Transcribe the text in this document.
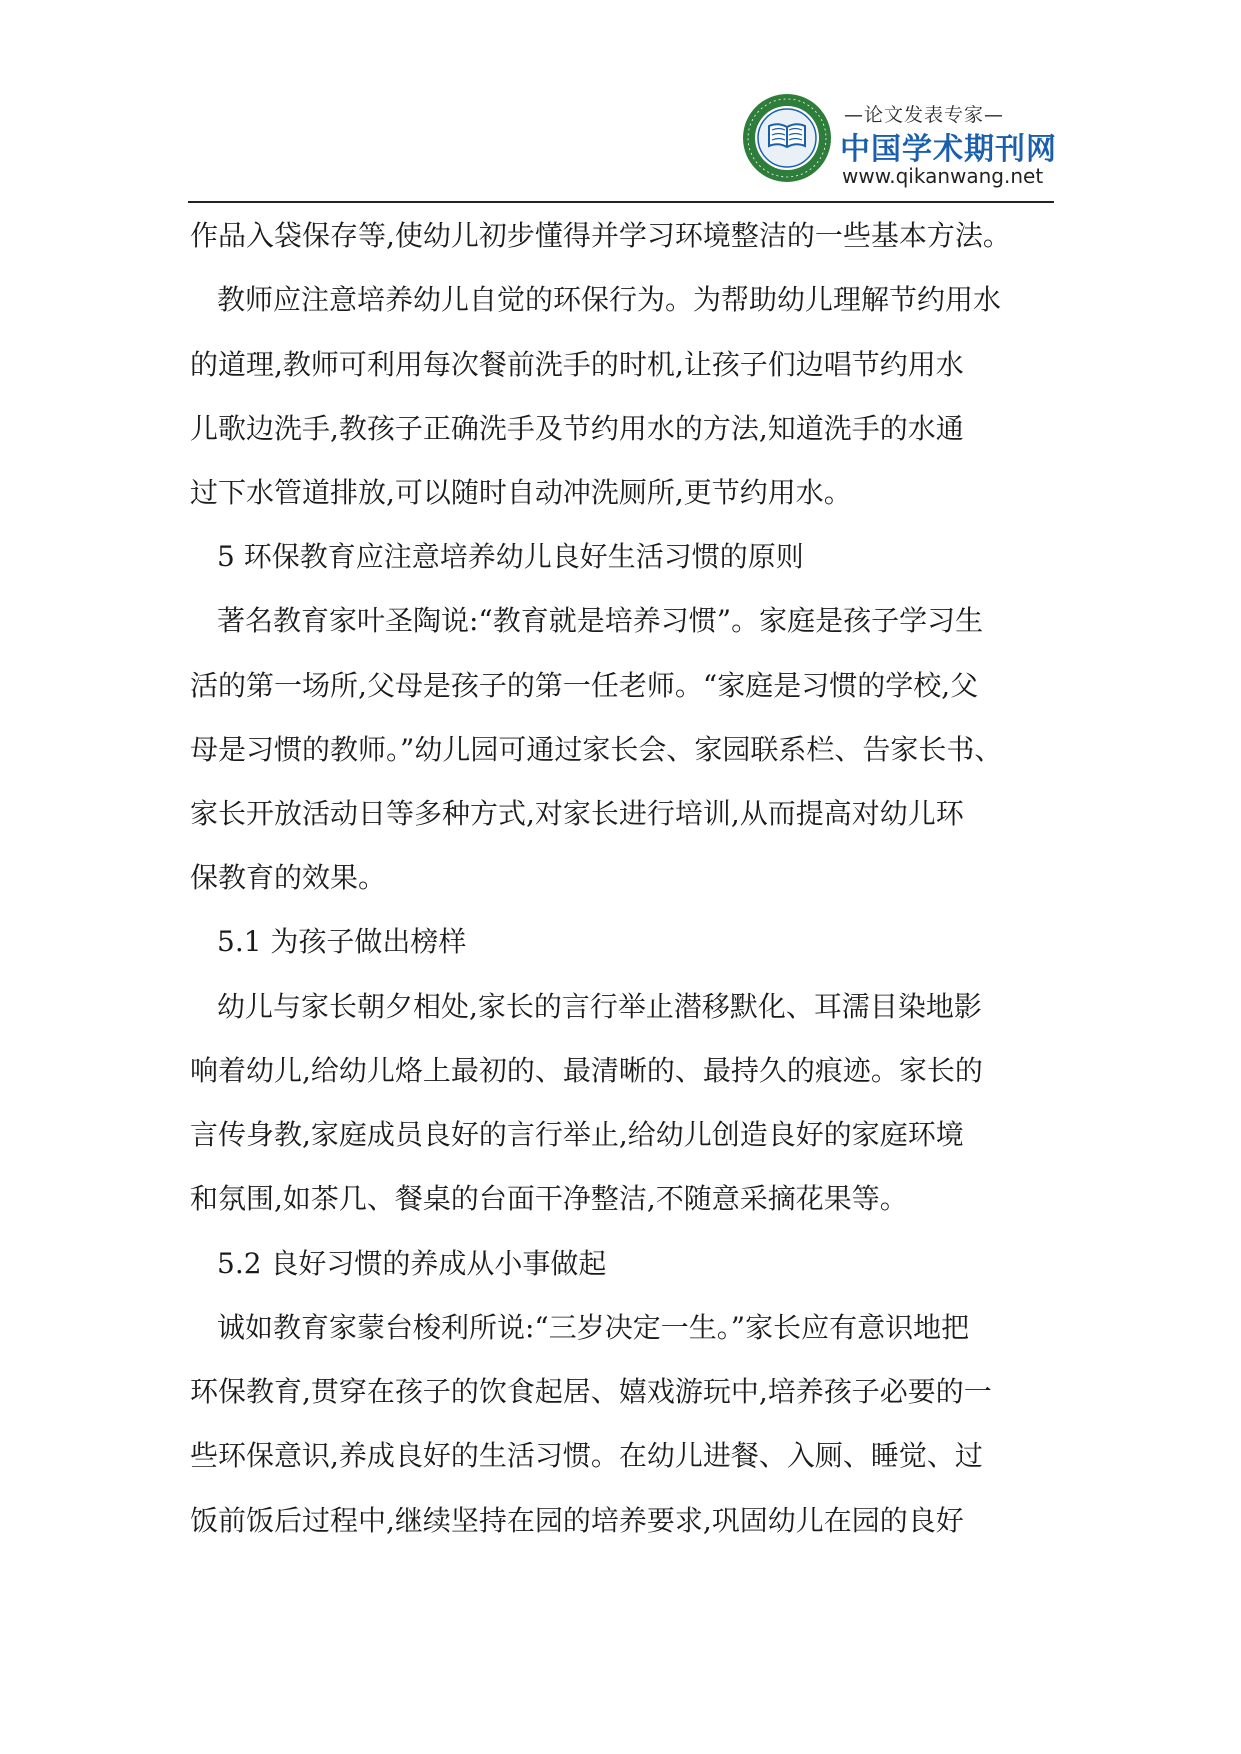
—论文发表专家—
中国学术期刊网
www.qikanwang.net
作品入袋保存等,使幼儿初步懂得并学习环境整洁的一些基本方法。
教师应注意培养幼儿自觉的环保行为。为帮助幼儿理解节约用水
的道理,教师可利用每次餐前洗手的时机,让孩子们边唱节约用水
儿歌边洗手,教孩子正确洗手及节约用水的方法,知道洗手的水通
过下水管道排放,可以随时自动冲洗厕所,更节约用水。
5 环保教育应注意培养幼儿良好生活习惯的原则
著名教育家叶圣陶说:“教育就是培养习惯”。家庭是孩子学习生
活的第一场所,父母是孩子的第一任老师。“家庭是习惯的学校,父
母是习惯的教师。”幼儿园可通过家长会、家园联系栏、告家长书、
家长开放活动日等多种方式,对家长进行培训,从而提高对幼儿环
保教育的效果。
5.1 为孩子做出榜样
幼儿与家长朝夕相处,家长的言行举止潜移默化、耳濡目染地影
响着幼儿,给幼儿烙上最初的、最清晰的、最持久的痕迹。家长的
言传身教,家庭成员良好的言行举止,给幼儿创造良好的家庭环境
和氛围,如茶几、餐桌的台面干净整洁,不随意采摘花果等。
5.2 良好习惯的养成从小事做起
诚如教育家蒙台梭利所说:“三岁决定一生。”家长应有意识地把
环保教育,贯穿在孩子的饮食起居、嬉戏游玩中,培养孩子必要的一
些环保意识,养成良好的生活习惯。在幼儿进餐、入厕、睡觉、过
饭前饭后过程中,继续坚持在园的培养要求,巩固幼儿在园的良好
